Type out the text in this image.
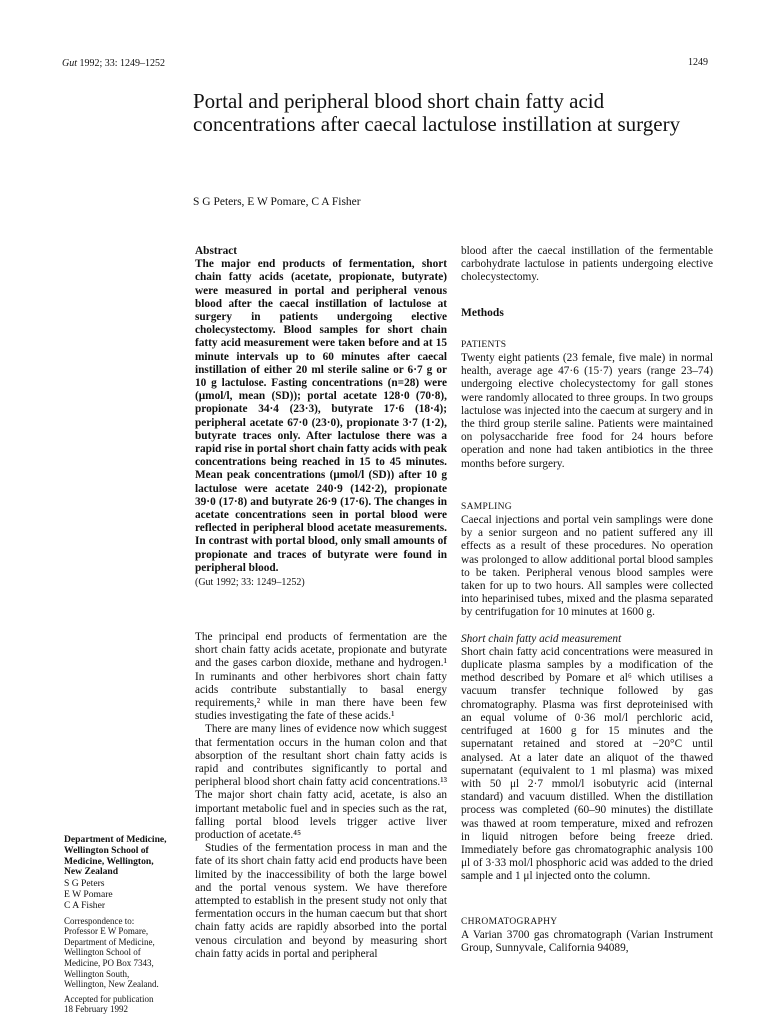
Gut 1992; 33: 1249–1252	1249
Portal and peripheral blood short chain fatty acid concentrations after caecal lactulose instillation at surgery
S G Peters, E W Pomare, C A Fisher
Abstract
The major end products of fermentation, short chain fatty acids (acetate, propionate, butyrate) were measured in portal and peripheral venous blood after the caecal instillation of lactulose at surgery in patients undergoing elective cholecystectomy. Blood samples for short chain fatty acid measurement were taken before and at 15 minute intervals up to 60 minutes after caecal instillation of either 20 ml sterile saline or 6·7 g or 10 g lactulose. Fasting concentrations (n=28) were (μmol/l, mean (SD)); portal acetate 128·0 (70·8), propionate 34·4 (23·3), butyrate 17·6 (18·4); peripheral acetate 67·0 (23·0), propionate 3·7 (1·2), butyrate traces only. After lactulose there was a rapid rise in portal short chain fatty acids with peak concentrations being reached in 15 to 45 minutes. Mean peak concentrations (μmol/l (SD)) after 10 g lactulose were acetate 240·9 (142·2), propionate 39·0 (17·8) and butyrate 26·9 (17·6). The changes in acetate concentrations seen in portal blood were reflected in peripheral blood acetate measurements. In contrast with portal blood, only small amounts of propionate and traces of butyrate were found in peripheral blood.
(Gut 1992; 33: 1249–1252)

The principal end products of fermentation are the short chain fatty acids acetate, propionate and butyrate and the gases carbon dioxide, methane and hydrogen.¹ In ruminants and other herbivores short chain fatty acids contribute substantially to basal energy requirements,² while in man there have been few studies investigating the fate of these acids.¹

There are many lines of evidence now which suggest that fermentation occurs in the human colon and that absorption of the resultant short chain fatty acids is rapid and contributes significantly to portal and peripheral blood short chain fatty acid concentrations.¹³ The major short chain fatty acid, acetate, is also an important metabolic fuel and in species such as the rat, falling portal blood levels trigger active liver production of acetate.⁴⁵

Studies of the fermentation process in man and the fate of its short chain fatty acid end products have been limited by the inaccessibility of both the large bowel and the portal venous system. We have therefore attempted to establish in the present study not only that fermentation occurs in the human caecum but that short chain fatty acids are rapidly absorbed into the portal venous circulation and beyond by measuring short chain fatty acids in portal and peripheral

blood after the caecal instillation of the fermentable carbohydrate lactulose in patients undergoing elective cholecystectomy.

Methods
PATIENTS

Twenty eight patients (23 female, five male) in normal health, average age 47·6 (15·7) years (range 23–74) undergoing elective cholecystectomy for gall stones were randomly allocated to three groups. In two groups lactulose was injected into the caecum at surgery and in the third group sterile saline. Patients were maintained on polysaccharide free food for 24 hours before operation and none had taken antibiotics in the three months before surgery.

SAMPLING

Caecal injections and portal vein samplings were done by a senior surgeon and no patient suffered any ill effects as a result of these procedures. No operation was prolonged to allow additional portal blood samples to be taken. Peripheral venous blood samples were taken for up to two hours. All samples were collected into heparinised tubes, mixed and the plasma separated by centrifugation for 10 minutes at 1600 g.

Short chain fatty acid measurement

Short chain fatty acid concentrations were measured in duplicate plasma samples by a modification of the method described by Pomare et al⁶ which utilises a vacuum transfer technique followed by gas chromatography. Plasma was first deproteinised with an equal volume of 0·36 mol/l perchloric acid, centrifuged at 1600 g for 15 minutes and the supernatant retained and stored at −20°C until analysed. At a later date an aliquot of the thawed supernatant (equivalent to 1 ml plasma) was mixed with 50 μl 2·7 mmol/l isobutyric acid (internal standard) and vacuum distilled. When the distillation process was completed (60–90 minutes) the distillate was thawed at room temperature, mixed and refrozen in liquid nitrogen before being freeze dried. Immediately before gas chromatographic analysis 100 μl of 3·33 mol/l phosphoric acid was added to the dried sample and 1 μl injected onto the column.

CHROMATOGRAPHY

A Varian 3700 gas chromatograph (Varian Instrument Group, Sunnyvale, California 94089,

Department of Medicine,
Wellington School of
Medicine, Wellington,
New Zealand
S G Peters
E W Pomare
C A Fisher
Correspondence to:
Professor E W Pomare,
Department of Medicine,
Wellington School of
Medicine, PO Box 7343,
Wellington South,
Wellington, New Zealand.
Accepted for publication
18 February 1992
